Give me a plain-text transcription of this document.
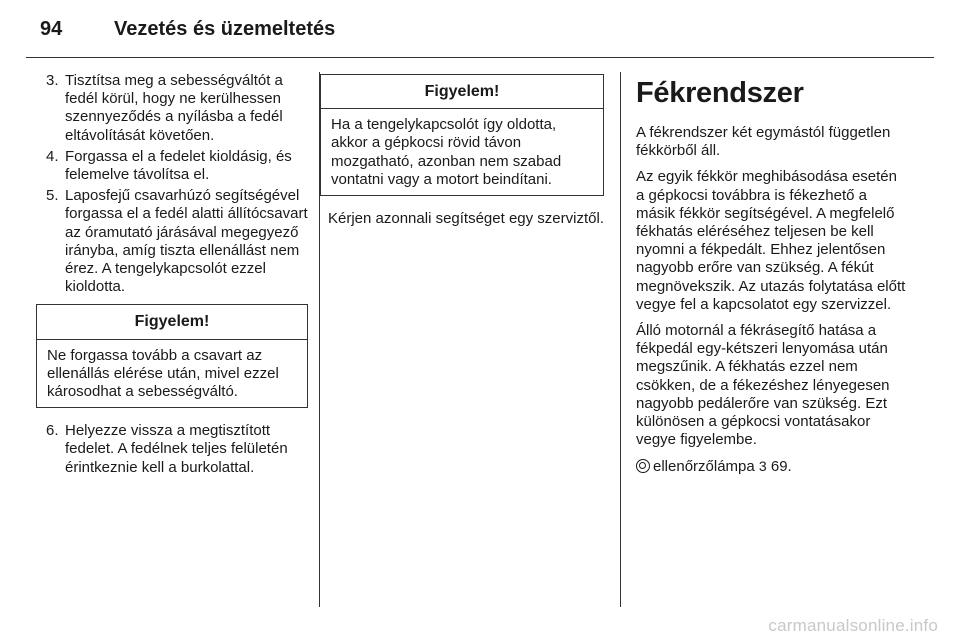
94	Vezetés és üzemeltetés
3. Tisztítsa meg a sebességváltót a fedél körül, hogy ne kerülhessen szennyeződés a nyílásba a fedél eltávolítását követően.
4. Forgassa el a fedelet kioldásig, és felemelve távolítsa el.
5. Laposfejű csavarhúzó segítségével forgassa el a fedél alatti állítócsavart az óramutató járásával megegyező irányba, amíg tiszta ellenállást nem érez. A tengelykapcsolót ezzel kioldotta.
Figyelem!
Ne forgassa tovább a csavart az ellenállás elérése után, mivel ezzel károsodhat a sebességváltó.
6. Helyezze vissza a megtisztított fedelet. A fedélnek teljes felületén érintkeznie kell a burkolattal.
Figyelem!
Ha a tengelykapcsolót így oldotta, akkor a gépkocsi rövid távon mozgatható, azonban nem szabad vontatni vagy a motort beindítani.

Kérjen azonnali segítséget egy szerviztől.

Fékrendszer

A fékrendszer két egymástól független fékkörből áll.

Az egyik fékkör meghibásodása esetén a gépkocsi továbbra is fékezhető a másik fékkör segítségével. A megfelelő fékhatás eléréséhez teljesen be kell nyomni a fékpedált. Ehhez jelentősen nagyobb erőre van szükség. A fékút megnövekszik. Az utazás folytatása előtt vegye fel a kapcsolatot egy szervizzel.

Álló motornál a fékrásegítő hatása a fékpedál egy-kétszeri lenyomása után megszűnik. A fékhatás ezzel nem csökken, de a fékezéshez lényegesen nagyobb pedálerőre van szükség. Ezt különösen a gépkocsi vontatásakor vegye figyelembe.

ellenőrzőlámpa 3 69.

carmanualsonline.info
